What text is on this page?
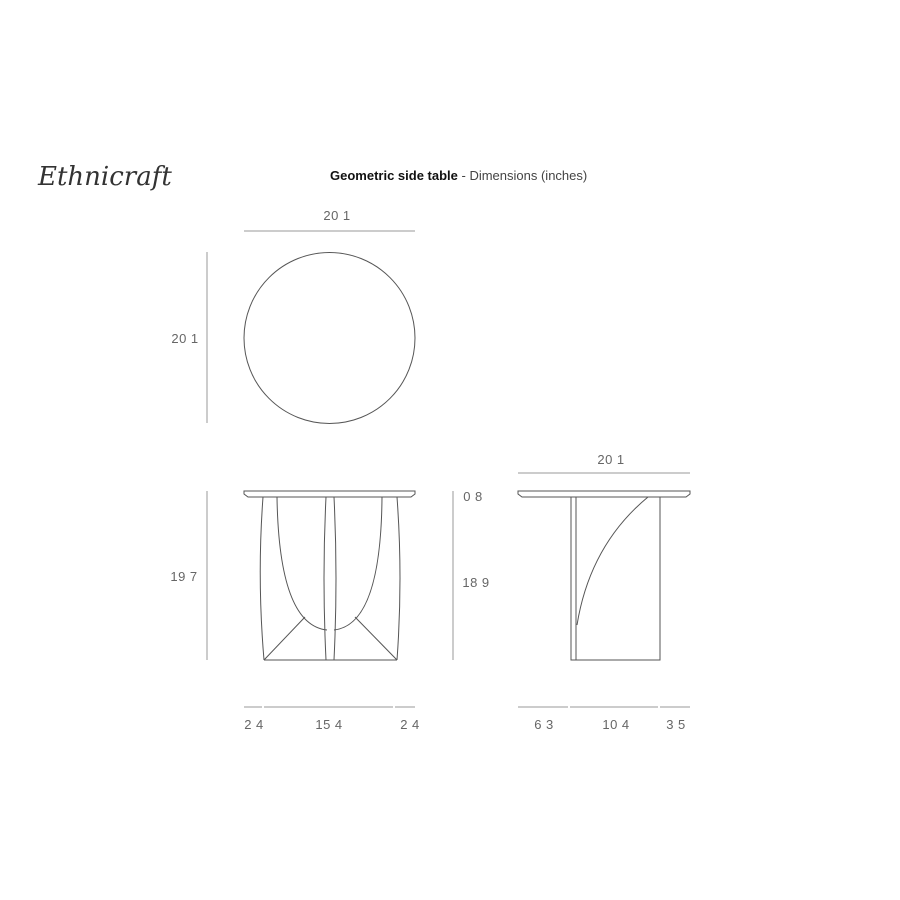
Ethnicraft	Geometric side table - Dimensions (inches)
20 1
20 1
19 7
0 8
18 9
2 4	15 4	2 4
20 1
6 3	10 4	3 5
